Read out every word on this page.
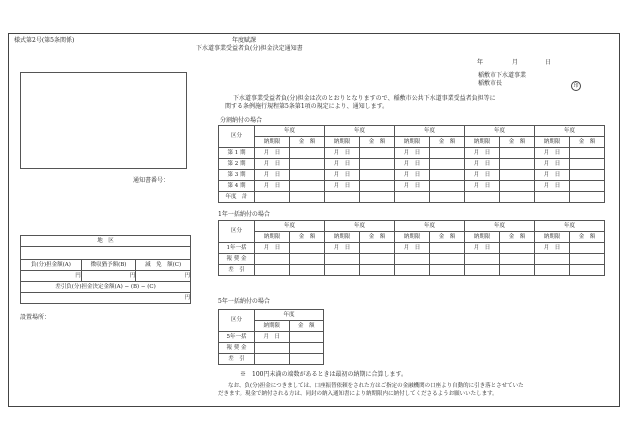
様式第2号(第5条関係)	年度賦課
下水道事業受益者負(分)担金決定通知書
年	月	日
稲敷市下水道事業
稲敷市長	印
通知書番号：
下水道事業受益者負(分)担金は次のとおりとなりますので、稲敷市公共下水道事業受益者負担等に
関する条例施行規程第5条第1項の規定により、通知します。
分割納付の場合
区分	年度		年度		年度		年度		年度	
	納期限	金　額	納期限	金　額	納期限	金　額	納期限	金　額	納期限	金　額
第 1 期	月　日		月　日		月　日		月　日		月　日	
第 2 期	月　日		月　日		月　日		月　日		月　日	
第 3 期	月　日		月　日		月　日		月　日		月　日	
第 4 期	月　日		月　日		月　日		月　日		月　日	
年度　計										
1年一括納付の場合
区分	年度		年度		年度		年度		年度	
	納期限	金　額	納期限	金　額	納期限	金　額	納期限	金　額	納期限	金　額
1年一括	月　日		月　日		月　日		月　日		月　日	
報 奨 金										
差　引										
地　区		

負(分)担金額(A)	徴収猶予額(B)	減　免　額(C)
円	円	円
差引負(分)担金決定金額(A) − (B) − (C)		
円		
設置場所：
5年一括納付の場合
区分	年度	
	納期限	金　額
5年一括	月　日	
報 奨 金		
差　引		
※　100円未満の端数があるときは最初の納期に合算します。
なお、負(分)担金につきましては、口座振替依頼をされた方はご指定の金融機関の口座より自動的に引き落とさせていた
だきます。現金で納付される方は、同封の納入通知書により納期限内に納付してくださるようお願いいたします。
